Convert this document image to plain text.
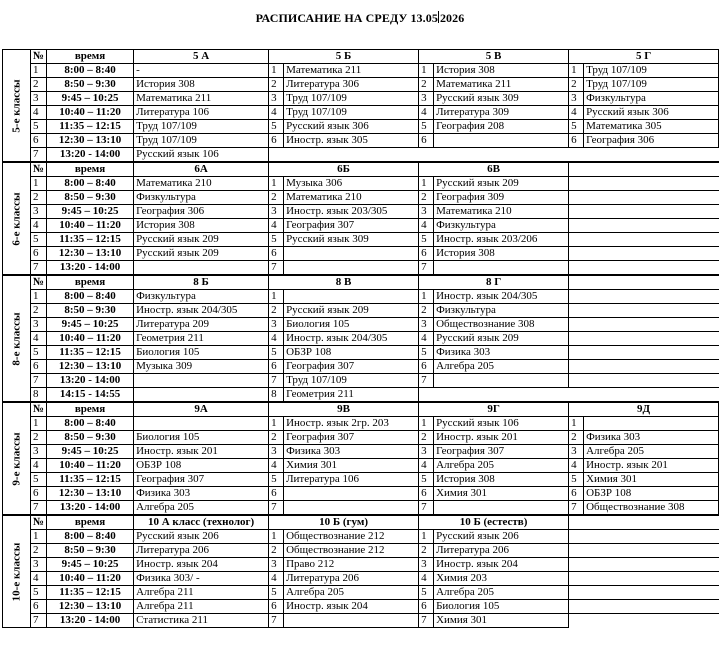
РАСПИСАНИЕ НА СРЕДУ 13.05 2026
5-е классы	№	время	5 А	5 Б		5 В		5 Г	
	1	8:00 – 8:40	-	1	Математика 211	1	История 308	1	Труд 107/109
	2	8:50 – 9:30	История 308	2	Литература 306	2	Математика 211	2	Труд 107/109
	3	9:45 – 10:25	Математика 211	3	Труд 107/109	3	Русский язык 309	3	Физкультура
	4	10:40 – 11:20	Литература 106	4	Труд 107/109	4	Литература 309	4	Русский язык 306
	5	11:35 – 12:15	Труд 107/109	5	Русский язык 306	5	География 208	5	Математика 305
	6	12:30 – 13:10	Труд 107/109	6	Иностр. язык 305	6		6	География 306
	7	13:20 - 14:00	Русский язык 106						

6-е классы	№	время	6А	6Б		6В			
	1	8:00 – 8:40	Математика 210	1	Музыка 306	1	Русский язык 209		
	2	8:50 – 9:30	Физкультура	2	Математика 210	2	География 309		
	3	9:45 – 10:25	География 306	3	Иностр. язык 203/305	3	Математика 210		
	4	10:40 – 11:20	История 308	4	География 307	4	Физкультура		
	5	11:35 – 12:15	Русский язык 209	5	Русский язык 309	5	Иностр. язык 203/206		
	6	12:30 – 13:10	Русский язык 209	6		6	История 308		
	7	13:20 - 14:00		7		7			

8-е классы	№	время	8 Б	8 В		8 Г			
	1	8:00 – 8:40	Физкультура	1		1	Иностр. язык 204/305		
	2	8:50 – 9:30	Иностр. язык 204/305	2	Русский язык 209	2	Физкультура		
	3	9:45 – 10:25	Литература 209	3	Биология 105	3	Обществознание 308		
	4	10:40 – 11:20	Геометрия 211	4	Иностр. язык 204/305	4	Русский язык 209		
	5	11:35 – 12:15	Биология 105	5	ОБЗР 108	5	Физика 303		
	6	12:30 – 13:10	Музыка 309	6	География 307	6	Алгебра 205		
	7	13:20 - 14:00		7	Труд 107/109	7			
	8	14:15 - 14:55		8	Геометрия 211				

9-е классы	№	время	9А	9В		9Г		9Д	
	1	8:00 – 8:40		1	Иностр. язык 2гр. 203	1	Русский язык 106	1	
	2	8:50 – 9:30	Биология 105	2	География 307	2	Иностр. язык 201	2	Физика 303
	3	9:45 – 10:25	Иностр. язык 201	3	Физика 303	3	География 307	3	Алгебра 205
	4	10:40 – 11:20	ОБЗР 108	4	Химия 301	4	Алгебра 205	4	Иностр. язык 201
	5	11:35 – 12:15	География 307	5	Литература 106	5	История 308	5	Химия 301
	6	12:30 – 13:10	Физика 303	6		6	Химия 301	6	ОБЗР 108
	7	13:20 - 14:00	Алгебра 205	7		7		7	Обществознание 308

10-е классы	№	время	10 А класс (технолог)	10 Б (гум)		10 Б (естеств)			
	1	8:00 – 8:40	Русский язык 206	1	Обществознание 212	1	Русский язык 206		
	2	8:50 – 9:30	Литература 206	2	Обществознание 212	2	Литература 206		
	3	9:45 – 10:25	Иностр. язык 204	3	Право 212	3	Иностр. язык 204		
	4	10:40 – 11:20	Физика 303/ -	4	Литература 206	4	Химия 203		
	5	11:35 – 12:15	Алгебра 211	5	Алгебра 205	5	Алгебра 205		
	6	12:30 – 13:10	Алгебра 211	6	Иностр. язык 204	6	Биология 105		
	7	13:20 - 14:00	Статистика 211	7		7	Химия 301		
